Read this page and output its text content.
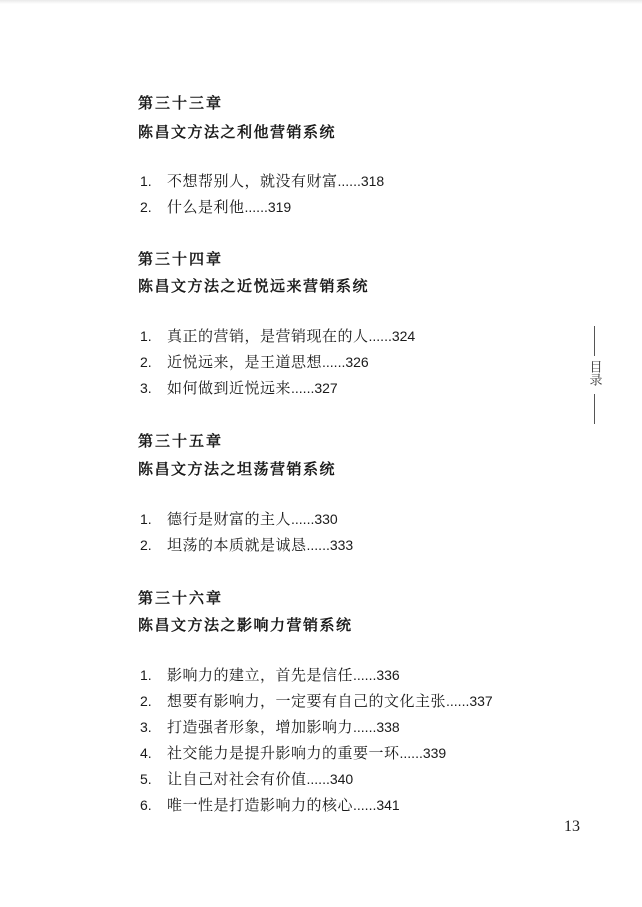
第三十三章
陈昌文方法之利他营销系统
1. 不想帮别人，就没有财富......318
2. 什么是利他......319
第三十四章
陈昌文方法之近悦远来营销系统
1. 真正的营销，是营销现在的人......324
2. 近悦远来，是王道思想......326
3. 如何做到近悦远来......327
第三十五章
陈昌文方法之坦荡营销系统
1. 德行是财富的主人......330
2. 坦荡的本质就是诚恳......333
第三十六章
陈昌文方法之影响力营销系统
1. 影响力的建立，首先是信任......336
2. 想要有影响力，一定要有自己的文化主张......337
3. 打造强者形象，增加影响力......338
4. 社交能力是提升影响力的重要一环......339
5. 让自己对社会有价值......340
6. 唯一性是打造影响力的核心......341
目录
13
